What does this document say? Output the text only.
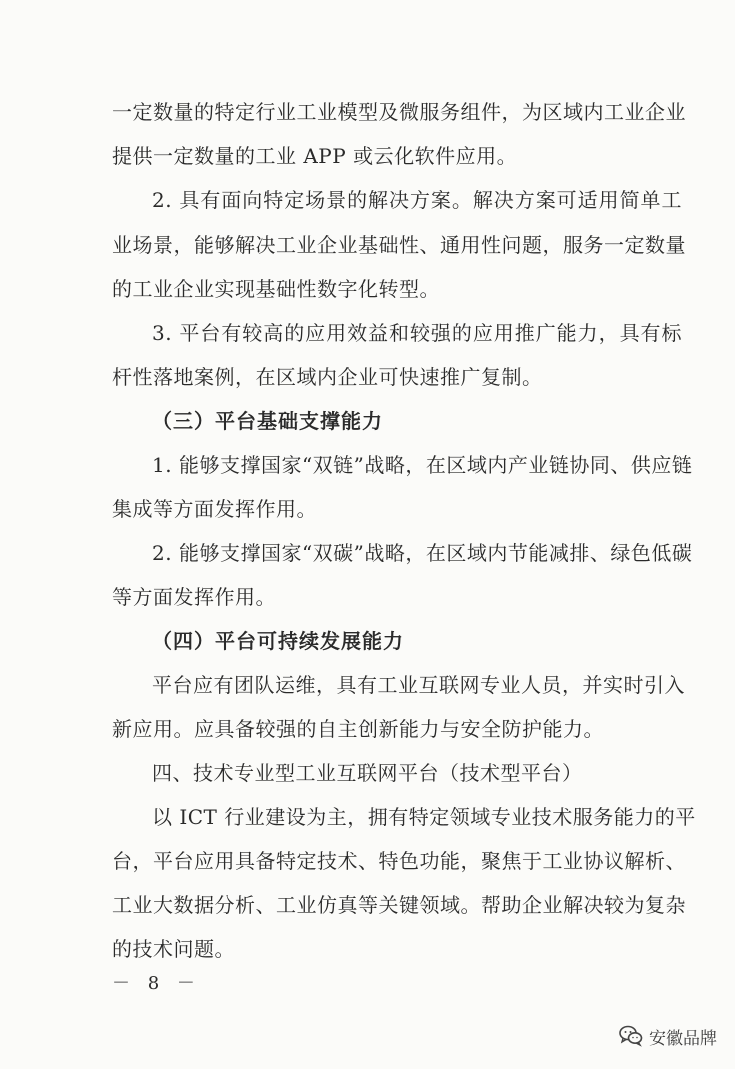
一定数量的特定行业工业模型及微服务组件，为区域内工业企业
提供一定数量的工业 APP 或云化软件应用。
2. 具有面向特定场景的解决方案。解决方案可适用简单工
业场景，能够解决工业企业基础性、通用性问题，服务一定数量
的工业企业实现基础性数字化转型。
3. 平台有较高的应用效益和较强的应用推广能力，具有标
杆性落地案例，在区域内企业可快速推广复制。
（三）平台基础支撑能力
1. 能够支撑国家“双链”战略，在区域内产业链协同、供应链
集成等方面发挥作用。
2. 能够支撑国家“双碳”战略，在区域内节能减排、绿色低碳
等方面发挥作用。
（四）平台可持续发展能力
平台应有团队运维，具有工业互联网专业人员，并实时引入
新应用。应具备较强的自主创新能力与安全防护能力。
四、技术专业型工业互联网平台（技术型平台）
以 ICT 行业建设为主，拥有特定领域专业技术服务能力的平
台，平台应用具备特定技术、特色功能，聚焦于工业协议解析、
工业大数据分析、工业仿真等关键领域。帮助企业解决较为复杂
的技术问题。
－ 8 －
安徽品牌
